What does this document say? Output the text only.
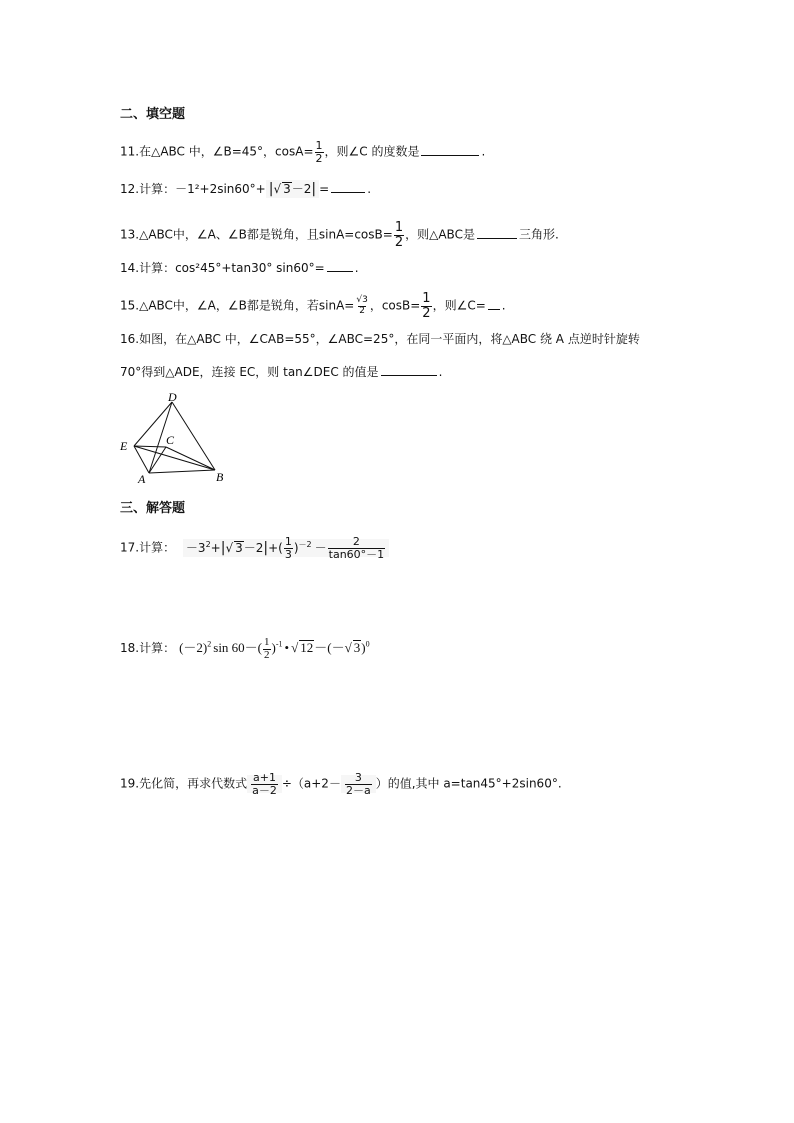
二、填空题
11.在△ABC 中，∠B=45°，$\cos A= \frac{1}{2}$ ，则∠C 的度数是	.
12.计算：－1²+2sin60°+ |√ 3－2| =	.
13.△ABC中，∠A、∠B都是锐角，且$\sin A=\cos B= \frac{1}{2}$ ，则△ABC是	三角形.
14.计算：cos²45°+tan30° sin60°=	.
15.△ABC中，∠A，∠B都是锐角，若$\sin A= \frac{√3}{2}$ ，$\cos B= \frac{1}{2}$ ，则∠C= .
16.如图，在△ABC 中，∠CAB=55°，∠ABC=25°，在同一平面内，将△ABC 绕 A 点逆时针旋转
70°得到△ADE，连接 EC，则 tan∠DEC 的值是	.
D
E	C
A	B
三、解答题
17.计算： $-3^2+|√$ $3-2|+( \frac{1}{3} )^{-2} - \frac{2}{\tan 60^\circ-1}$
18.计算： $(-2)^2$ $\sin 60-( \frac{1}{2} )^{-1}$ • √ 12－(－√ 3)$^0$
19.先化简，再求代数式 $\frac{a+1}{a-2} \div(a+2- \frac{3}{2-a}$ ）的值,其中 a=tan45°+2sin60°.
